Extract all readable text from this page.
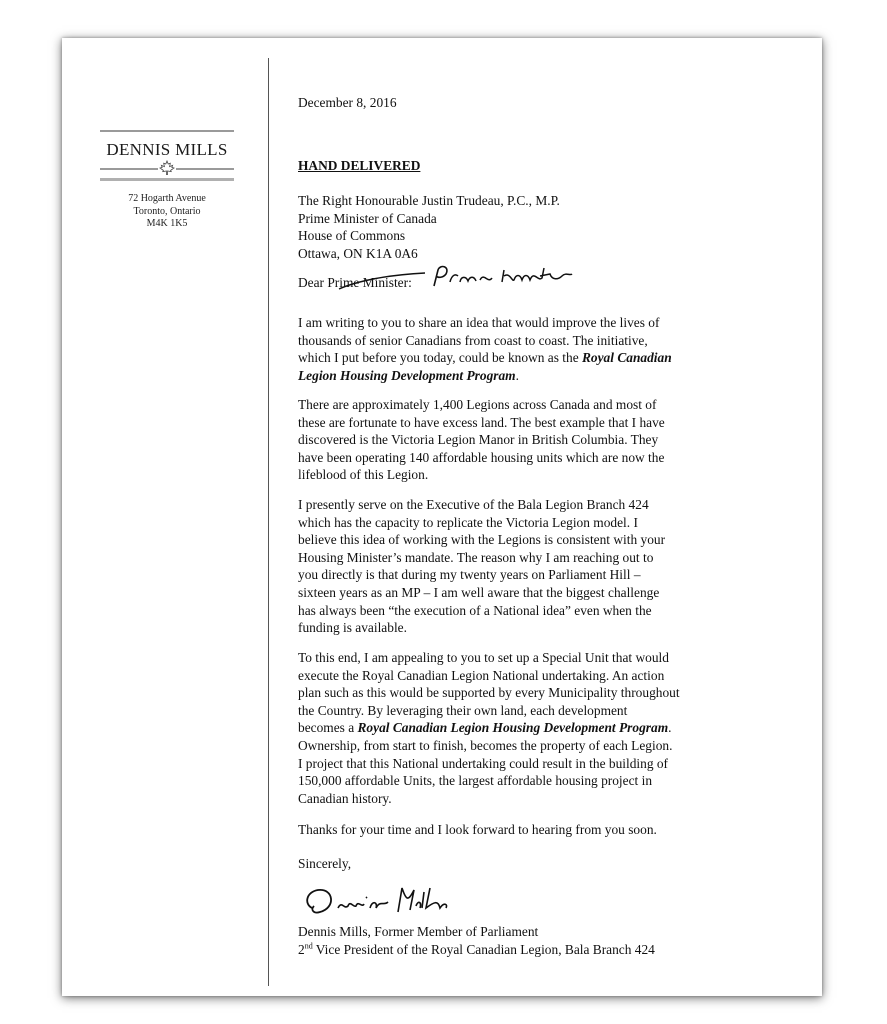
DENNIS MILLS
72 Hogarth Avenue
Toronto, Ontario
M4K 1K5
December 8, 2016
HAND DELIVERED
The Right Honourable Justin Trudeau, P.C., M.P.
Prime Minister of Canada
House of Commons
Ottawa, ON K1A 0A6
Dear Prime Minister
:

I am writing to you to share an idea that would improve the lives of

thousands of senior Canadians from coast to coast. The initiative,

which I put before you today, could be known as the Royal Canadian

Legion Housing Development Program.

There are approximately 1,400 Legions across Canada and most of

these are fortunate to have excess land. The best example that I have

discovered is the Victoria Legion Manor in British Columbia. They

have been operating 140 affordable housing units which are now the

lifeblood of this Legion.

I presently serve on the Executive of the Bala Legion Branch 424

which has the capacity to replicate the Victoria Legion model. I

believe this idea of working with the Legions is consistent with your

Housing Minister’s mandate. The reason why I am reaching out to

you directly is that during my twenty years on Parliament Hill –

sixteen years as an MP – I am well aware that the biggest challenge

has always been “the execution of a National idea” even when the

funding is available.

To this end, I am appealing to you to set up a Special Unit that would

execute the Royal Canadian Legion National undertaking. An action

plan such as this would be supported by every Municipality throughout

the Country. By leveraging their own land, each development

becomes a Royal Canadian Legion Housing Development Program.

Ownership, from start to finish, becomes the property of each Legion.

I project that this National undertaking could result in the building of

150,000 affordable Units, the largest affordable housing project in

Canadian history.

Thanks for your time and I look forward to hearing from you soon.
Sincerely,
Dennis Mills, Former Member of Parliament
2nd Vice President of the Royal Canadian Legion, Bala Branch 424
